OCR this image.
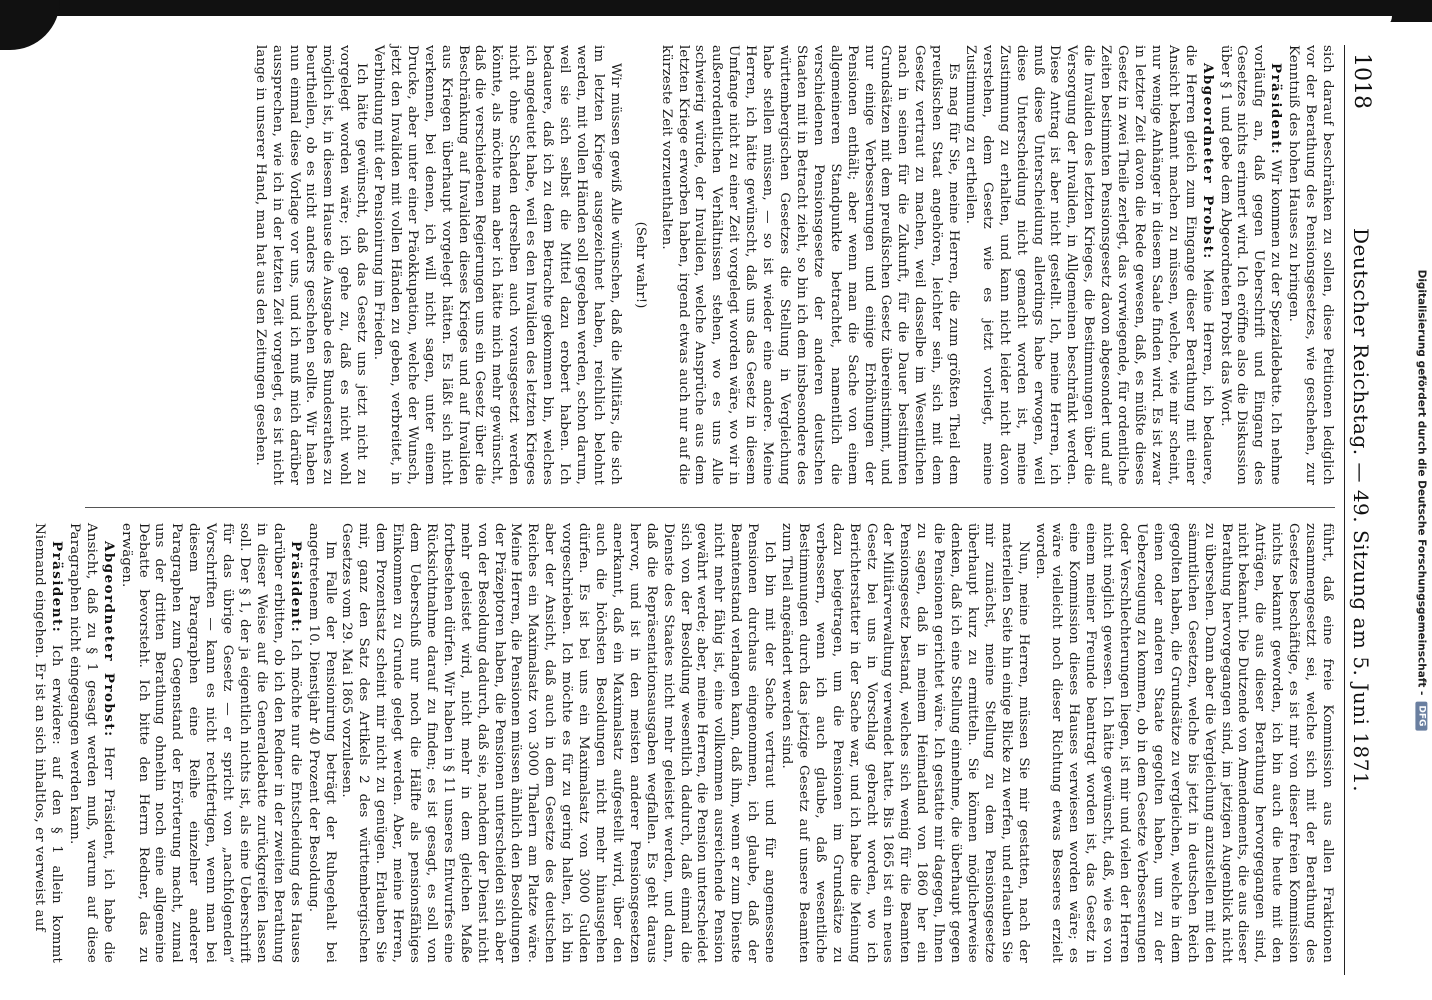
1018
Deutscher Reichstag. — 49. Sitzung am 5. Juni 1871.

sich darauf beschränken zu sollen, diese Petitionen lediglich vor der Berathung des Pensionsgesetzes, wie geschehen, zur Kenntniß des hohen Hauses zu bringen.

Präsident: Wir kommen zu der Spezialdebatte. Ich nehme vorläufig an, daß gegen Ueberschrift und Eingang des Gesetzes nichts erinnert wird. Ich eröffne also die Diskussion über § 1 und gebe dem Abgeordneten Probst das Wort.

Abgeordneter Probst: Meine Herren, ich bedauere, die Herren gleich zum Eingange dieser Berathung mit einer Ansicht bekannt machen zu müssen, welche, wie mir scheint, nur wenige Anhänger in diesem Saale finden wird. Es ist zwar in letzter Zeit davon die Rede gewesen, daß, es müßte dieses Gesetz in zwei Theile zerlegt, das vorwiegende, für ordentliche Zeiten bestimmten Pensionsgesetz davon abgesondert und auf die Invaliden des letzten Krieges, die Bestimmungen über die Versorgung der Invaliden, in Allgemeinen beschränkt werden. Diese Antrag ist aber nicht gestellt. Ich, meine Herren, ich muß diese Unterscheidung allerdings habe erwogen, weil diese Unterscheidung nicht gemacht worden ist, meine Zustimmung zu erhalten, und kann nicht leider nicht davon verstehen, dem Gesetz wie es jetzt vorliegt, meine Zustimmung zu ertheilen.

Es mag für Sie, meine Herren, die zum größten Theil dem preußischen Staat angehören, leichter sein, sich mit dem Gesetz vertraut zu machen, weil dasselbe im Wesentlichen nach in seinen für die Zukunft, für die Dauer bestimmten Grundsätzen mit dem preußischen Gesetz übereinstimmt, und nur einige Verbesserungen und einige Erhöhungen der Pensionen enthält; aber wenn man die Sache von einem allgemeineren Standpunkte betrachtet, namentlich die verschiedenen Pensionsgesetze der anderen deutschen Staaten mit in Betracht zieht, so bin ich dem insbesondere des württembergischen Gesetzes die Stellung in Vergleichung habe stellen müssen, — so ist wieder eine andere. Meine Herren, ich hätte gewünscht, daß uns das Gesetz in diesem Umfange nicht zu einer Zeit vorgelegt worden wäre, wo wir in außerordentlichen Verhältnissen stehen, wo es uns Alle schwierig würde, der Invaliden, welche Ansprüche aus dem letzten Kriege erworben haben, irgend etwas auch nur auf die kürzeste Zeit vorzuenthalten.

(Sehr wahr!)

Wir müssen gewiß Alle wünschen, daß die Militärs, die sich im letzten Kriege ausgezeichnet haben, reichlich belohnt werden, mit vollen Händen soll gegeben werden, schon darum, weil sie sich selbst die Mittel dazu erobert haben. Ich bedauere, daß ich zu dem Betrachte gekommen bin, welches ich angedeutet habe, weil es den Invaliden des letzten Krieges nicht ohne Schaden derselben auch vorausgesetzt werden könnte, als möchte man aber ich hätte mich mehr gewünscht, daß die verschiedenen Regierungen uns ein Gesetz über die Beschränkung auf Invaliden dieses Krieges und auf Invaliden aus Kriegen überhaupt vorgelegt hätten. Es läßt sich nicht verkennen, bei denen, ich will nicht sagen, unter einem Drucke, aber unter einer Präokkupation, welche der Wunsch, jetzt den Invaliden mit vollen Händen zu geben, verbreitet, in Verbindung mit der Pensionirung im Frieden.

Ich hätte gewünscht, daß das Gesetz uns jetzt nicht zu vorgelegt worden wäre; ich gehe zu, daß es nicht wohl möglich ist, in diesem Hause die Ausgabe des Bundesrathes zu beurtheilen, ob es nicht anders geschehen sollte. Wir haben nun einmal diese Vorlage vor uns, und ich muß mich darüber aussprechen, wie ich in der letzten Zeit vorgelegt, es ist nicht lange in unserer Hand, man hat aus den Zeitungen gesehen.

führt, daß eine freie Kommission aus allen Fraktionen zusammengesetzt sei, welche sich mit der Berathung des Gesetzes beschäftige, es ist mir von dieser freien Kommission nichts bekannt geworden, ich bin auch die heute mit den Anträgen, die aus dieser Berathung hervorgegangen sind, nicht bekannt. Die Dutzende von Amendements, die aus dieser Berathung hervorgegangen sind, im jetzigen Augenblick nicht zu übersehen. Dann aber die Vergleichung anzustellen mit den sämmtlichen Gesetzen, welche bis jetzt in deutschen Reich gegolten haben, die Grundsätze zu vergleichen, welche in dem einen oder anderen Staate gegolten haben, um zu der Ueberzeugung zu kommen, ob in dem Gesetze Verbesserungen oder Verschlechterungen liegen, ist mir und vielen der Herren nicht möglich gewesen. Ich hätte gewünscht, daß, wie es von einem meiner Freunde beantragt worden ist, das Gesetz in eine Kommission dieses Hauses verwiesen worden wäre; es wäre vielleicht noch dieser Richtung etwas Besseres erzielt worden.

Nun, meine Herren, müssen Sie mir gestatten, nach der materiellen Seite hin einige Blicke zu werfen, und erlauben Sie mir zunächst, meine Stellung zu dem Pensionsgesetze überhaupt kurz zu ermitteln. Sie können möglicherweise denken, daß ich eine Stellung einnehme, die überhaupt gegen die Pensionen gerichtet wäre. Ich gestatte mir dagegen, Ihnen zu sagen, daß in meinem Heimatland von 1860 her ein Pensionsgesetz bestand, welches sich wenig für die Beamten der Militärverwaltung verwendet hatte. Bis 1865 ist ein neues Gesetz bei uns in Vorschlag gebracht worden, wo ich Berichterstatter in der Sache war, und ich habe die Meinung dazu beigetragen, um die Pensionen im Grundsätze zu verbessern, wenn ich auch glaube, daß wesentliche Bestimmungen durch das jetzige Gesetz auf unsere Beamten zum Theil angeändert werden sind.

Ich bin mit der Sache vertraut und für angemessene Pensionen durchaus eingenommen, ich glaube, daß der Beamtenstand verlangen kann, daß ihm, wenn er zum Dienste nicht mehr fähig ist, eine vollkommen ausreichende Pension gewährt werde; aber, meine Herren, die Pension unterscheidet sich von der Besoldung wesentlich dadurch, daß einmal die Dienste des Staates nicht mehr geleistet werden, und dann, daß die Repräsentationsausgaben wegfallen. Es geht daraus hervor, und ist in den meisten anderer Pensionsgesetzen anerkannt, daß ein Maximalsatz aufgestellt wird, über den auch die höchsten Besoldungen nicht mehr hinausgehen dürfen. Es ist bei uns ein Maximalsatz von 3000 Gulden vorgeschrieben. Ich möchte es für zu gering halten, ich bin aber der Ansicht, daß auch in dem Gesetze des deutschen Reiches ein Maximalsatz von 3000 Thalern am Platze wäre. Meine Herren, die Pensionen müssen ähnlich den Besoldungen der Präzeptoren haben, die Pensionen unterscheiden sich aber von der Besoldung dadurch, daß sie, nachdem der Dienst nicht mehr geleistet wird, nicht mehr in dem gleichen Maße fortbestehen dürfen. Wir haben in § 11 unseres Entwurfes eine Rücksichtnahme darauf zu finden; es ist gesagt, es soll von dem Ueberschuß nur noch die Hälfte als pensionsfähiges Einkommen zu Grunde gelegt werden. Aber, meine Herren, dem Prozentsatz scheint mir nicht zu genügen. Erlauben Sie mir, ganz den Satz des Artikels 2 des württembergischen Gesetzes vom 29. Mai 1865 vorzulesen.

Im Falle der Pensionirung beträgt der Ruhegehalt bei angetretenem 10. Dienstjahr 40 Prozent der Besoldung.

Präsident: Ich möchte nur die Entscheidung des Hauses darüber erbitten, ob ich den Redner in der zweiten Berathung in dieser Weise auf die Generaldebatte zurückgreifen lassen soll. Der § 1, der ja eigentlich nichts ist, als eine Ueberschrift für das übrige Gesetz — er spricht von „nachfolgenden“ Vorschriften — kann es nicht rechtfertigen, wenn man bei diesem Paragraphen eine Reihe einzelner anderer Paragraphen zum Gegenstand der Erörterung macht, zumal uns der dritten Berathung ohnehin noch eine allgemeine Debatte bevorsteht. Ich bitte den Herrn Redner, das zu erwägen.

Abgeordneter Probst: Herr Präsident, ich habe die Ansicht, daß zu § 1 gesagt werden muß, warum auf diese Paragraphen nicht eingegangen werden kann.

Präsident: Ich erwidere: auf den § 1 allein kommt Niemand eingehen. Er ist an sich inhaltlos, er verweist auf

Digitalisierung gefördert durch die Deutsche Forschungsgemeinschaft -
DFG
